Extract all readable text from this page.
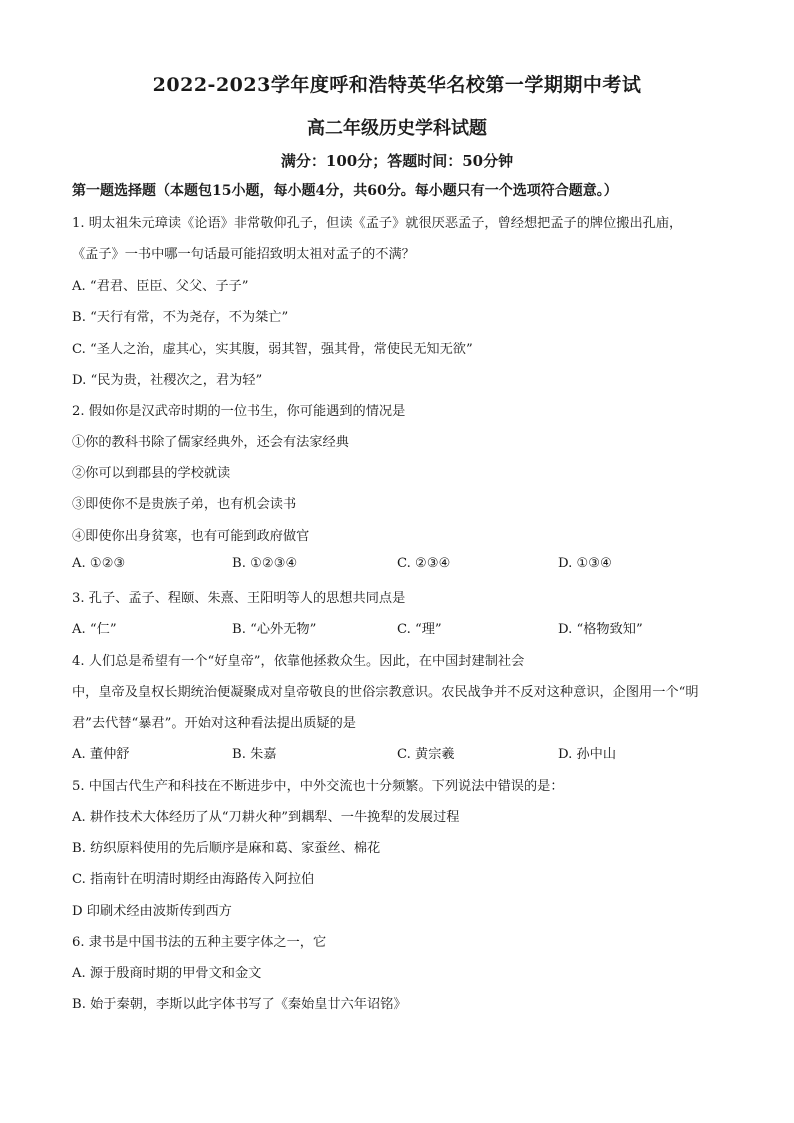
2022-2023学年度呼和浩特英华名校第一学期期中考试
高二年级历史学科试题
满分：100分；答题时间：50分钟
第一题选择题（本题包15小题，每小题4分，共60分。每小题只有一个选项符合题意。）
1. 明太祖朱元璋读《论语》非常敬仰孔子，但读《孟子》就很厌恶孟子，曾经想把孟子的牌位搬出孔庙，
《孟子》一书中哪一句话最可能招致明太祖对孟子的不满？
A. “君君、臣臣、父父、子子”
B. “天行有常，不为尧存，不为桀亡”
C. “圣人之治，虚其心，实其腹，弱其智，强其骨，常使民无知无欲”
D. “民为贵，社稷次之，君为轻”
2. 假如你是汉武帝时期的一位书生，你可能遇到的情况是
①你的教科书除了儒家经典外，还会有法家经典
②你可以到郡县的学校就读
③即使你不是贵族子弟，也有机会读书
④即使你出身贫寒，也有可能到政府做官
A. ①②③	B. ①②③④	C. ②③④	D. ①③④
3. 孔子、孟子、程颐、朱熹、王阳明等人的思想共同点是
A. “仁”	B. “心外无物”	C. “理”	D. “格物致知”
4. 人们总是希望有一个“好皇帝”，依靠他拯救众生。因此，在中国封建制社会
中，皇帝及皇权长期统治便凝聚成对皇帝敬良的世俗宗教意识。农民战争并不反对这种意识，企图用一个“明
君”去代替“暴君”。开始对这种看法提出质疑的是
A. 董仲舒	B. 朱嘉	C. 黄宗羲	D. 孙中山
5. 中国古代生产和科技在不断进步中，中外交流也十分频繁。下列说法中错误的是：
A. 耕作技术大体经历了从“刀耕火种”到耦犁、一牛挽犁的发展过程
B. 纺织原料使用的先后顺序是麻和葛、家蚕丝、棉花
C. 指南针在明清时期经由海路传入阿拉伯
D 印刷术经由波斯传到西方
6. 隶书是中国书法的五种主要字体之一，它
A. 源于殷商时期的甲骨文和金文
B. 始于秦朝，李斯以此字体书写了《秦始皇廿六年诏铭》
